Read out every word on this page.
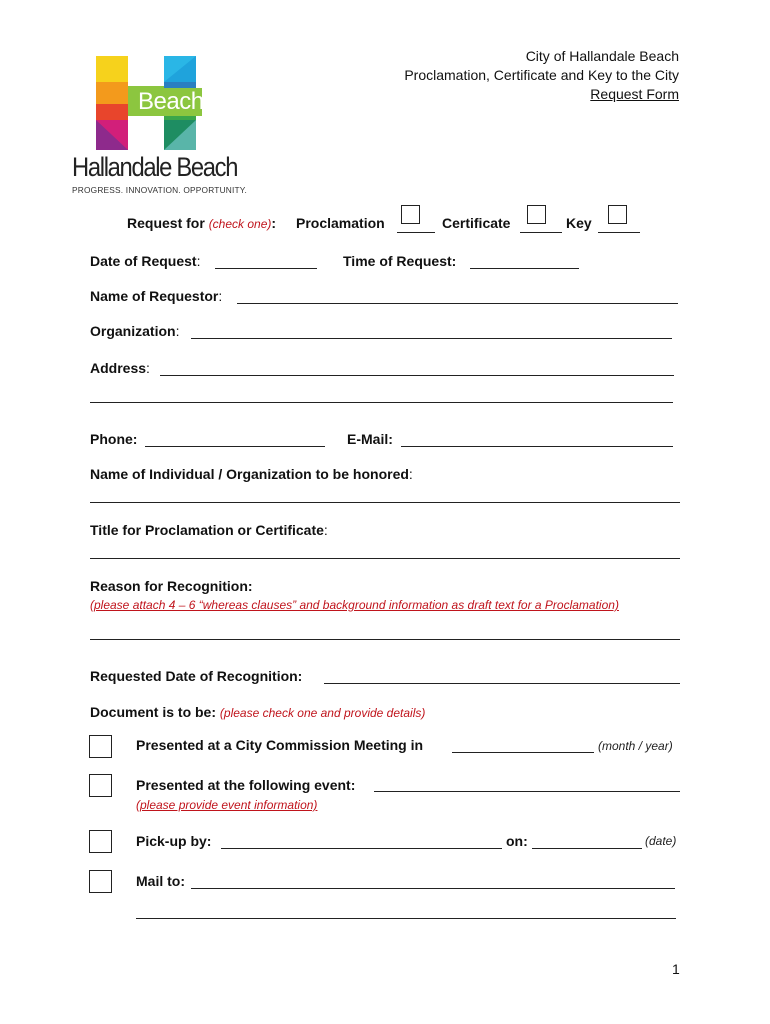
Beach
Hallandale Beach
PROGRESS. INNOVATION. OPPORTUNITY.
City of Hallandale Beach
Proclamation, Certificate and Key to the City
Request Form
Request for (check one): Proclamation	Certificate	Key
Date of Request:	Time of Request:
Name of Requestor:
Organization:
Address:
Phone:	E-Mail:
Name of Individual / Organization to be honored:
Title for Proclamation or Certificate:
Reason for Recognition:
(please attach 4 – 6 “whereas clauses” and background information as draft text for a Proclamation)
Requested Date of Recognition:
Document is to be: (please check one and provide details)
Presented at a City Commission Meeting in	(month / year)
Presented at the following event:
(please provide event information)
Pick-up by:	on:	(date)
Mail to:
1
